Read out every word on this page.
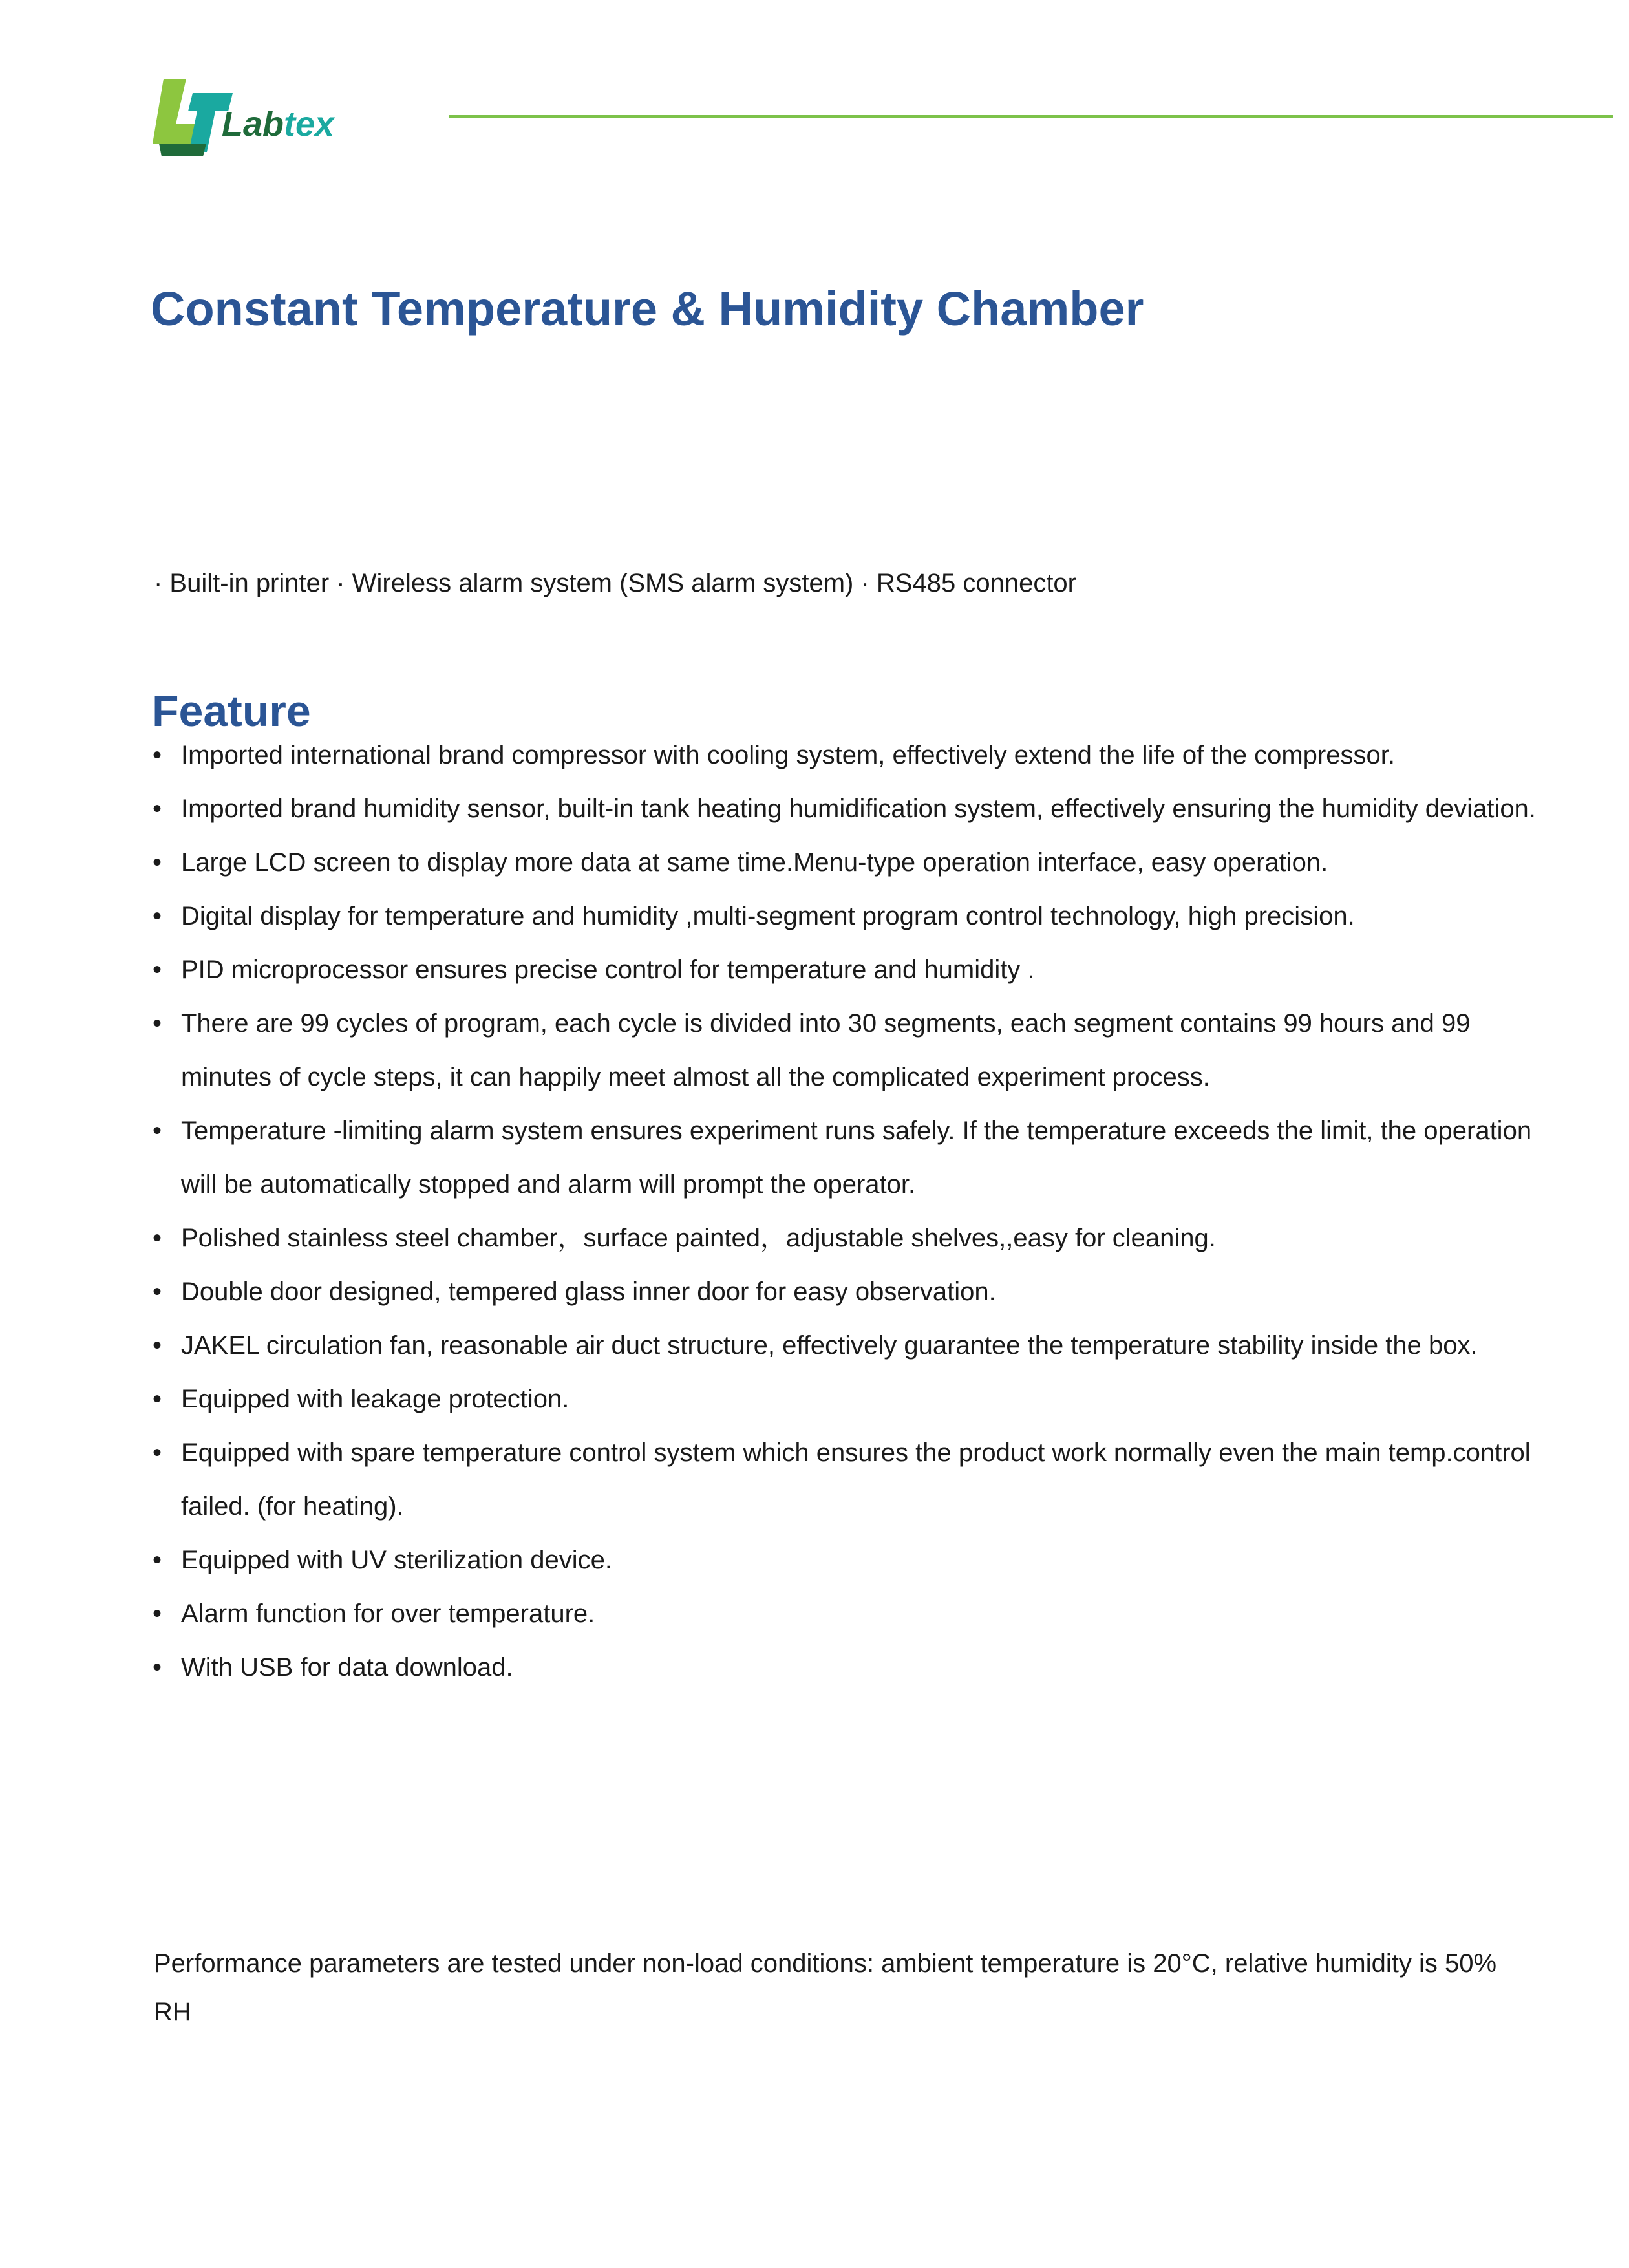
Labtex
Constant Temperature & Humidity Chamber
· Built-in printer · Wireless alarm system (SMS alarm system) · RS485 connector
Feature
• Imported international brand compressor with cooling system, effectively extend the life of the compressor.
• Imported brand humidity sensor, built-in tank heating humidification system, effectively ensuring the humidity deviation.
• Large LCD screen to display more data at same time.Menu-type operation interface, easy operation.
• Digital display for temperature and humidity ,multi-segment program control technology, high precision.
• PID microprocessor ensures precise control for temperature and humidity .
• There are 99 cycles of program, each cycle is divided into 30 segments, each segment contains 99 hours and 99 minutes of cycle steps, it can happily meet almost all the complicated experiment process.
• Temperature -limiting alarm system ensures experiment runs safely. If the temperature exceeds the limit, the operation will be automatically stopped and alarm will prompt the operator.
• Polished stainless steel chamber，surface painted，adjustable shelves,,easy for cleaning.
• Double door designed, tempered glass inner door for easy observation.
• JAKEL circulation fan, reasonable air duct structure, effectively guarantee the temperature stability inside the box.
• Equipped with leakage protection.
• Equipped with spare temperature control system which ensures the product work normally even the main temp.control failed. (for heating).
• Equipped with UV sterilization device.
• Alarm function for over temperature.
• With USB for data download.
Performance parameters are tested under non-load conditions: ambient temperature is 20°C, relative humidity is 50% RH
